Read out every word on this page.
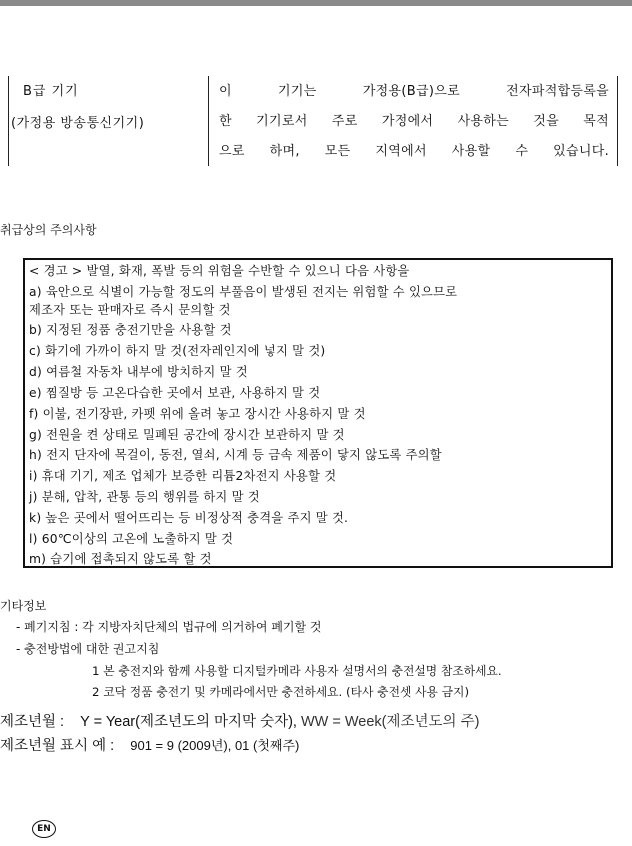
B급 기기
(가정용 방송통신기기)
이 기기는 가정용(B급)으로 전자파적합등록을
한 기기로서 주로 가정에서 사용하는 것을 목적
으로 하며, 모든 지역에서 사용할 수 있습니다.
취급상의 주의사항
< 경고 > 발열, 화재, 폭발 등의 위험을 수반할 수 있으니 다음 사항을
a) 육안으로 식별이 가능할 정도의 부풀음이 발생된 전지는 위험할 수 있으므로
제조자 또는 판매자로 즉시 문의할 것
b) 지정된 정품 충전기만을 사용할 것
c) 화기에 가까이 하지 말 것(전자레인지에 넣지 말 것)
d) 여름철 자동차 내부에 방치하지 말 것
e) 찜질방 등 고온다습한 곳에서 보관, 사용하지 말 것
f) 이불, 전기장판, 카펫 위에 올려 놓고 장시간 사용하지 말 것
g) 전원을 켠 상태로 밀폐된 공간에 장시간 보관하지 말 것
h) 전지 단자에 목걸이, 동전, 열쇠, 시계 등 금속 제품이 닿지 않도록 주의할
i) 휴대 기기, 제조 업체가 보증한 리튬2차전지 사용할 것
j) 분해, 압착, 관통 등의 행위를 하지 말 것
k) 높은 곳에서 떨어뜨리는 등 비정상적 충격을 주지 말 것.
l) 60℃이상의 고온에 노출하지 말 것
m) 습기에 접촉되지 않도록 할 것
기타정보
- 폐기지침 : 각 지방자치단체의 법규에 의거하여 폐기할 것
- 충전방법에 대한 권고지침
1 본 충전지와 함께 사용할 디지털카메라 사용자 설명서의 충전설명 참조하세요.
2 코닥 정품 충전기 및 카메라에서만 충전하세요. (타사 충전셋 사용 금지)
제조년월 : Y = Year(제조년도의 마지막 숫자), WW = Week(제조년도의 주)
제조년월 표시 예 : 901 = 9 (2009년), 01 (첫째주)
EN
